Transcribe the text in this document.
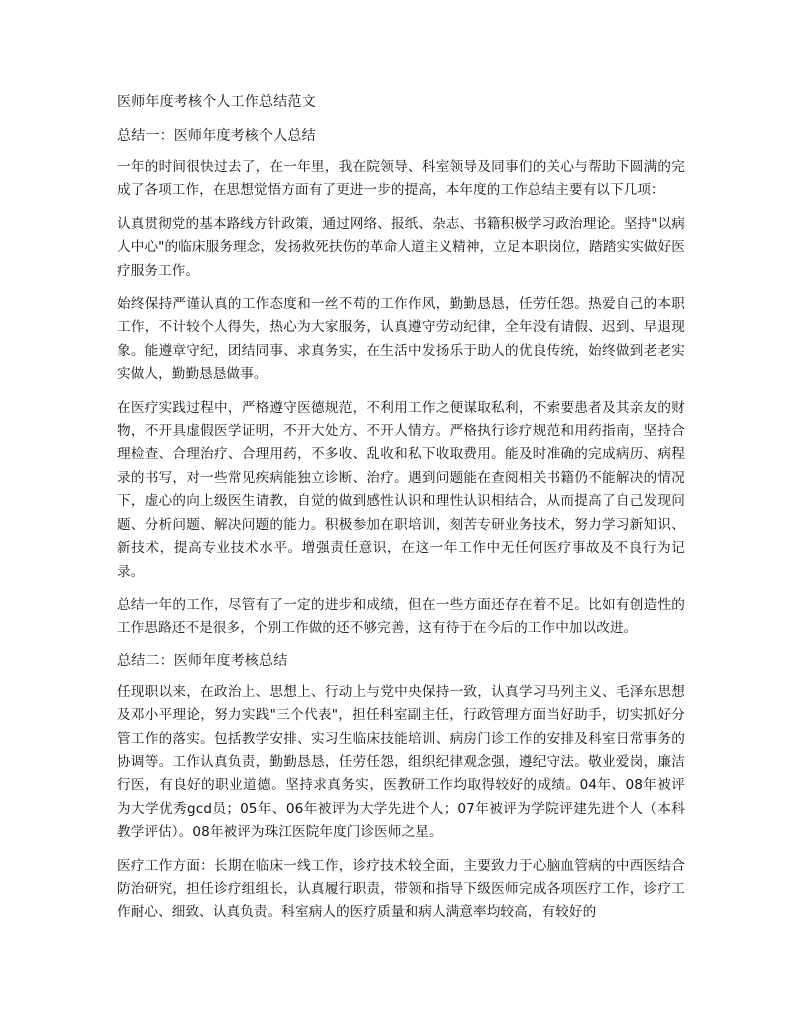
医师年度考核个人工作总结范文
总结一：医师年度考核个人总结

一年的时间很快过去了，在一年里，我在院领导、科室领导及同事们的关心与帮助下圆满的完成了各项工作，在思想觉悟方面有了更进一步的提高，本年度的工作总结主要有以下几项：

认真贯彻党的基本路线方针政策，通过网络、报纸、杂志、书籍积极学习政治理论。坚持"以病人中心"的临床服务理念，发扬救死扶伤的革命人道主义精神，立足本职岗位，踏踏实实做好医疗服务工作。

始终保持严谨认真的工作态度和一丝不苟的工作作风，勤勤恳恳，任劳任怨。热爱自己的本职工作，不计较个人得失，热心为大家服务，认真遵守劳动纪律，全年没有请假、迟到、早退现象。能遵章守纪，团结同事、求真务实，在生活中发扬乐于助人的优良传统，始终做到老老实实做人，勤勤恳恳做事。

在医疗实践过程中，严格遵守医德规范，不利用工作之便谋取私利，不索要患者及其亲友的财物，不开具虚假医学证明，不开大处方、不开人情方。严格执行诊疗规范和用药指南，坚持合理检查、合理治疗、合理用药，不多收、乱收和私下收取费用。能及时准确的完成病历、病程录的书写，对一些常见疾病能独立诊断、治疗。遇到问题能在查阅相关书籍仍不能解决的情况下，虚心的向上级医生请教，自觉的做到感性认识和理性认识相结合，从而提高了自己发现问题、分析问题、解决问题的能力。积极参加在职培训，刻苦专研业务技术，努力学习新知识、新技术，提高专业技术水平。增强责任意识，在这一年工作中无任何医疗事故及不良行为记录。

总结一年的工作，尽管有了一定的进步和成绩，但在一些方面还存在着不足。比如有创造性的工作思路还不是很多，个别工作做的还不够完善，这有待于在今后的工作中加以改进。

总结二：医师年度考核总结

任现职以来，在政治上、思想上、行动上与党中央保持一致，认真学习马列主义、毛泽东思想及邓小平理论，努力实践"三个代表"，担任科室副主任，行政管理方面当好助手，切实抓好分管工作的落实。包括教学安排、实习生临床技能培训、病房门诊工作的安排及科室日常事务的协调等。工作认真负责，勤勤恳恳，任劳任怨，组织纪律观念强，遵纪守法。敬业爱岗，廉洁行医，有良好的职业道德。坚持求真务实，医教研工作均取得较好的成绩。04年、08年被评为大学优秀gcd员；05年、06年被评为大学先进个人；07年被评为学院评建先进个人（本科教学评估）。08年被评为珠江医院年度门诊医师之星。

医疗工作方面：长期在临床一线工作，诊疗技术较全面，主要致力于心脑血管病的中西医结合防治研究，担任诊疗组组长，认真履行职责，带领和指导下级医师完成各项医疗工作，诊疗工作耐心、细致、认真负责。科室病人的医疗质量和病人满意率均较高，有较好的
